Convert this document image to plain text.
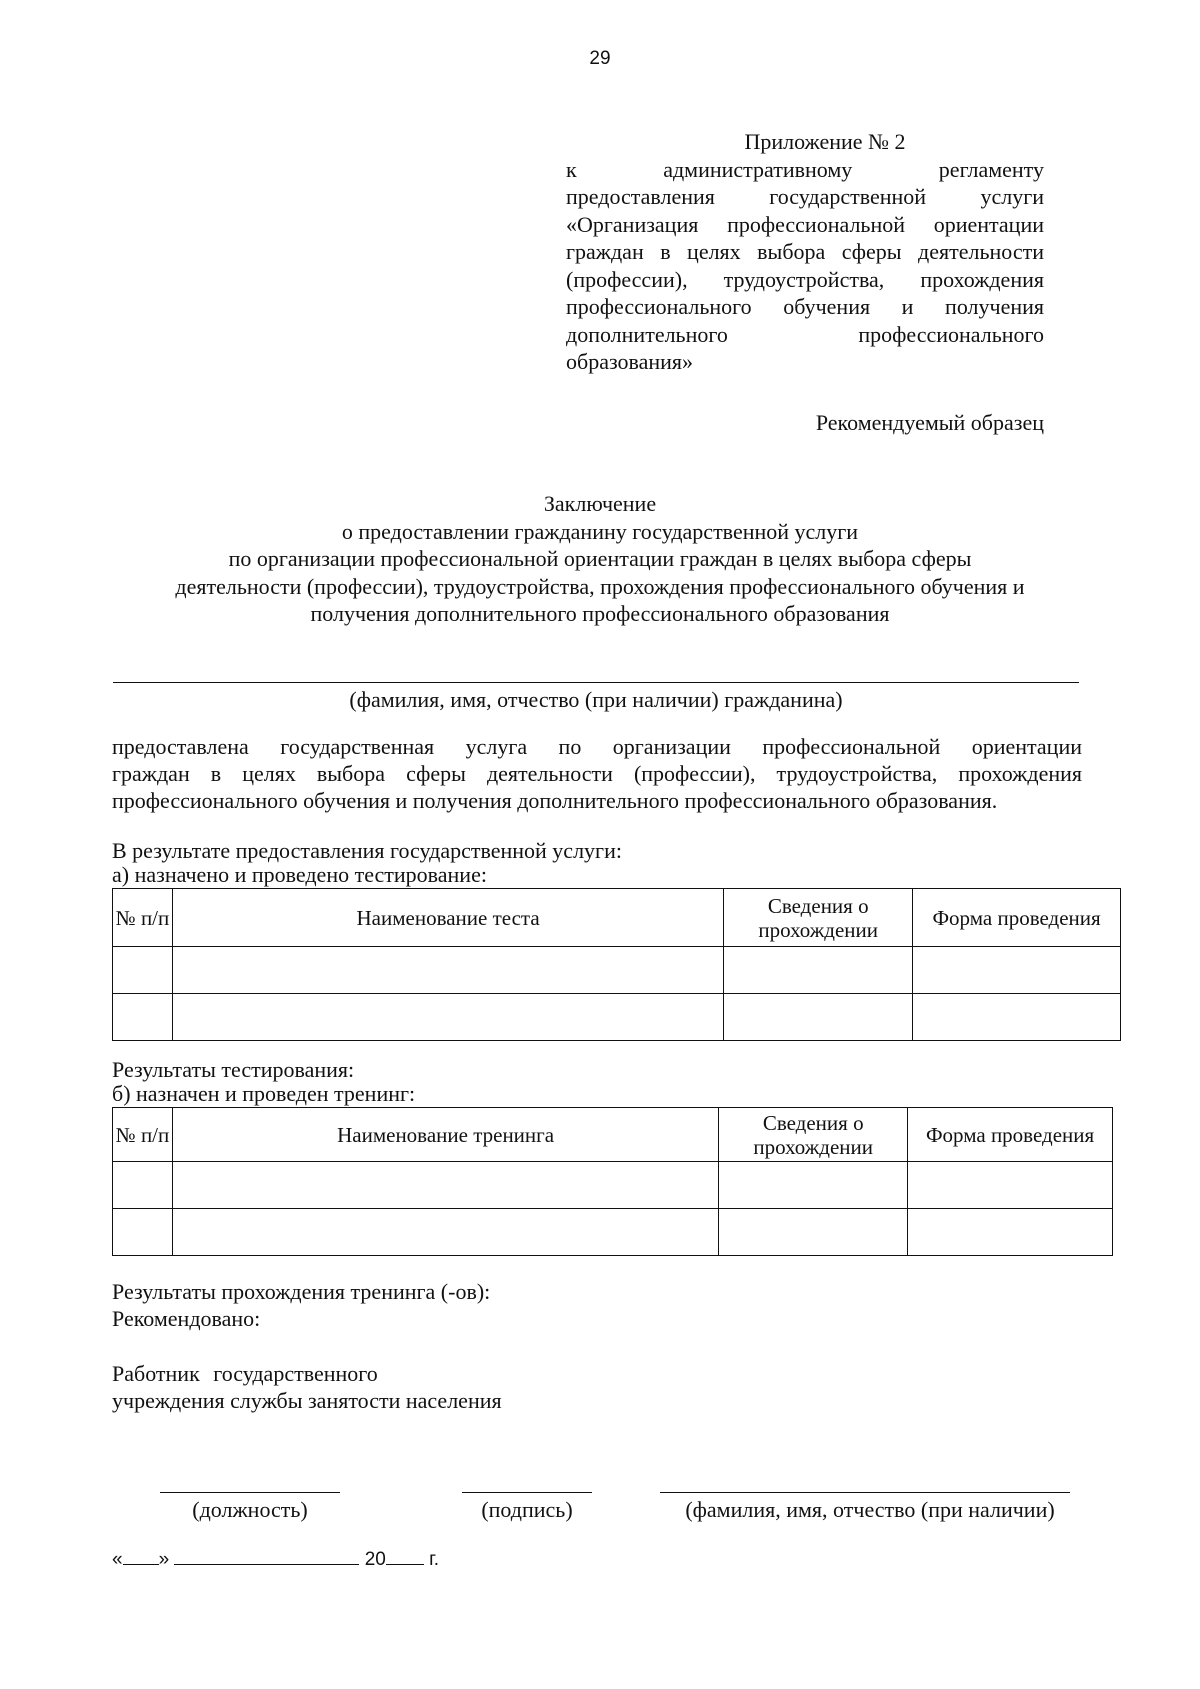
29
Приложение № 2
к административному регламенту
предоставления государственной услуги
«Организация профессиональной ориентации
граждан в целях выбора сферы деятельности
(профессии), трудоустройства, прохождения
профессионального обучения и получения
дополнительного профессионального
образования»
Рекомендуемый образец
Заключение
о предоставлении гражданину государственной услуги
по организации профессиональной ориентации граждан в целях выбора сферы
деятельности (профессии), трудоустройства, прохождения профессионального обучения и
получения дополнительного профессионального образования
(фамилия, имя, отчество (при наличии) гражданина)
предоставлена государственная услуга по организации профессиональной ориентации
граждан в целях выбора сферы деятельности (профессии), трудоустройства, прохождения
профессионального обучения и получения дополнительного профессионального образования.
В результате предоставления государственной услуги:
а) назначено и проведено тестирование:
№ п/п	Наименование теста	Сведения о прохождении	Форма проведения

Результаты тестирования:
б) назначен и проведен тренинг:
№ п/п	Наименование тренинга	Сведения о прохождении	Форма проведения

Результаты прохождения тренинга (-ов):
Рекомендовано:
Работник государственного
учреждения службы занятости населения
(должность)	(подпись)	(фамилия, имя, отчество (при наличии)
« »	20 г.
